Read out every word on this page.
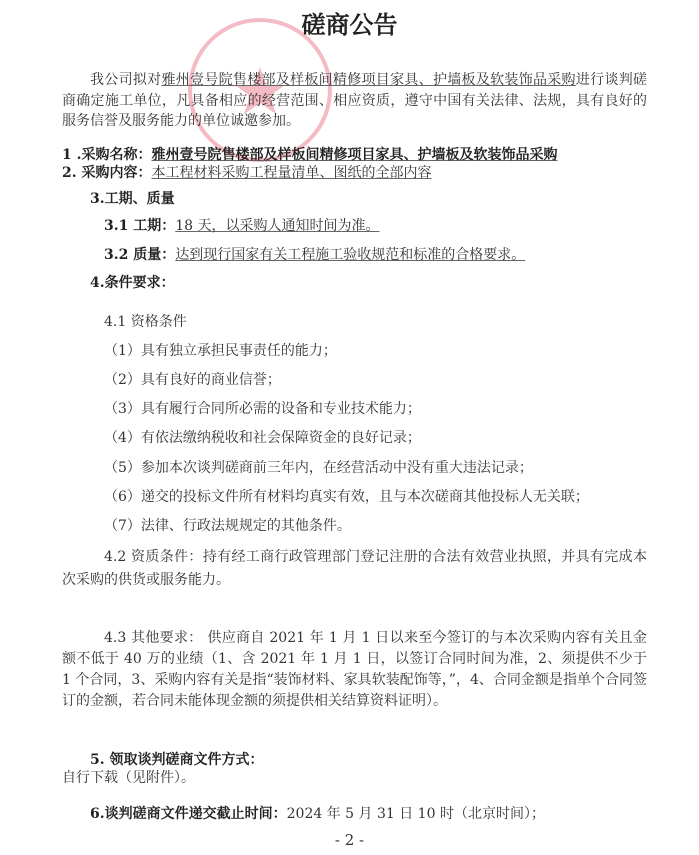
磋商公告
我公司拟对雅州壹号院售楼部及样板间精修项目家具、护墙板及软装饰品采购进行谈判磋商确定施工单位，凡具备相应的经营范围、相应资质，遵守中国有关法律、法规，具有良好的服务信誉及服务能力的单位诚邀参加。
1 .采购名称：雅州壹号院售楼部及样板间精修项目家具、护墙板及软装饰品采购
2. 采购内容：本工程材料采购工程量清单、图纸的全部内容
3.工期、质量
3.1 工期：18 天，以采购人通知时间为准。
3.2 质量：达到现行国家有关工程施工验收规范和标准的合格要求。
4.条件要求：
4.1 资格条件
（1）具有独立承担民事责任的能力；
（2）具有良好的商业信誉；
（3）具有履行合同所必需的设备和专业技术能力；
（4）有依法缴纳税收和社会保障资金的良好记录；
（5）参加本次谈判磋商前三年内，在经营活动中没有重大违法记录；
（6）递交的投标文件所有材料均真实有效，且与本次磋商其他投标人无关联；
（7）法律、行政法规规定的其他条件。
4.2 资质条件：持有经工商行政管理部门登记注册的合法有效营业执照，并具有完成本次采购的供货或服务能力。
4.3 其他要求： 供应商自 2021 年 1 月 1 日以来至今签订的与本次采购内容有关且金额不低于 40 万的业绩（1、含 2021 年 1 月 1 日，以签订合同时间为准，2、须提供不少于 1 个合同，3、采购内容有关是指“装饰材料、家具软装配饰等，”，4、合同金额是指单个合同签订的金额，若合同未能体现金额的须提供相关结算资料证明）。
5. 领取谈判磋商文件方式：
自行下载（见附件）。
6.谈判磋商文件递交截止时间：2024 年 5 月 31 日 10 时（北京时间）；
- 2 -
